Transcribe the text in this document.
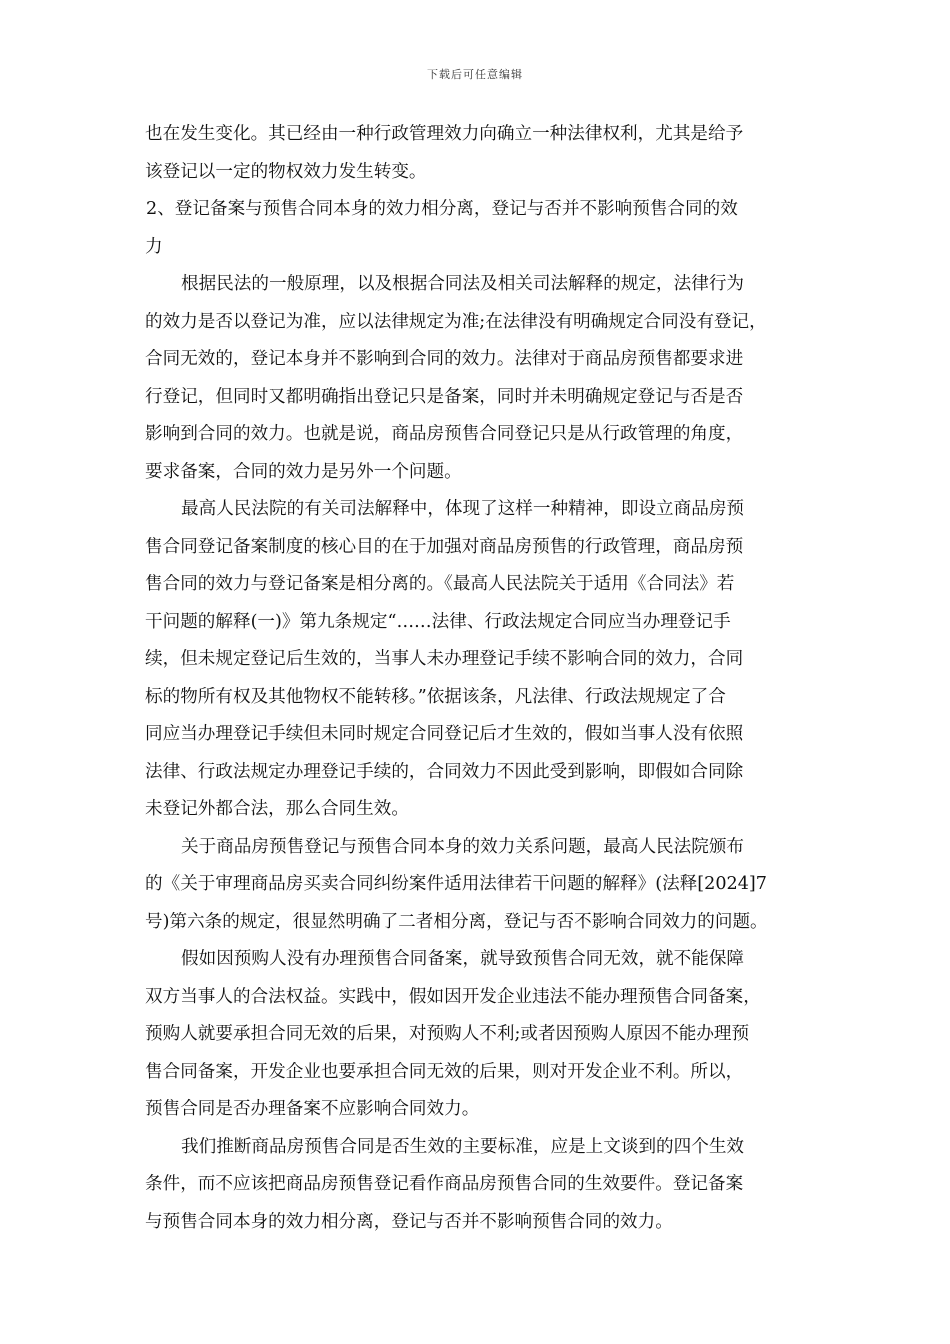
下载后可任意编辑
也在发生变化。其已经由一种行政管理效力向确立一种法律权利，尤其是给予
该登记以一定的物权效力发生转变。
2、登记备案与预售合同本身的效力相分离，登记与否并不影响预售合同的效
力
根据民法的一般原理，以及根据合同法及相关司法解释的规定，法律行为
的效力是否以登记为准，应以法律规定为准;在法律没有明确规定合同没有登记，
合同无效的，登记本身并不影响到合同的效力。法律对于商品房预售都要求进
行登记，但同时又都明确指出登记只是备案，同时并未明确规定登记与否是否
影响到合同的效力。也就是说，商品房预售合同登记只是从行政管理的角度，
要求备案，合同的效力是另外一个问题。
最高人民法院的有关司法解释中，体现了这样一种精神，即设立商品房预
售合同登记备案制度的核心目的在于加强对商品房预售的行政管理，商品房预
售合同的效力与登记备案是相分离的。《最高人民法院关于适用《合同法》若
干问题的解释(一)》第九条规定“……法律、行政法规定合同应当办理登记手
续，但未规定登记后生效的，当事人未办理登记手续不影响合同的效力，合同
标的物所有权及其他物权不能转移。”依据该条，凡法律、行政法规规定了合
同应当办理登记手续但未同时规定合同登记后才生效的，假如当事人没有依照
法律、行政法规定办理登记手续的，合同效力不因此受到影响，即假如合同除
未登记外都合法，那么合同生效。
关于商品房预售登记与预售合同本身的效力关系问题，最高人民法院颁布
的《关于审理商品房买卖合同纠纷案件适用法律若干问题的解释》(法释[2024]7
号)第六条的规定，很显然明确了二者相分离，登记与否不影响合同效力的问题。
假如因预购人没有办理预售合同备案，就导致预售合同无效，就不能保障
双方当事人的合法权益。实践中，假如因开发企业违法不能办理预售合同备案，
预购人就要承担合同无效的后果，对预购人不利;或者因预购人原因不能办理预
售合同备案，开发企业也要承担合同无效的后果，则对开发企业不利。所以，
预售合同是否办理备案不应影响合同效力。
我们推断商品房预售合同是否生效的主要标准，应是上文谈到的四个生效
条件，而不应该把商品房预售登记看作商品房预售合同的生效要件。登记备案
与预售合同本身的效力相分离，登记与否并不影响预售合同的效力。
